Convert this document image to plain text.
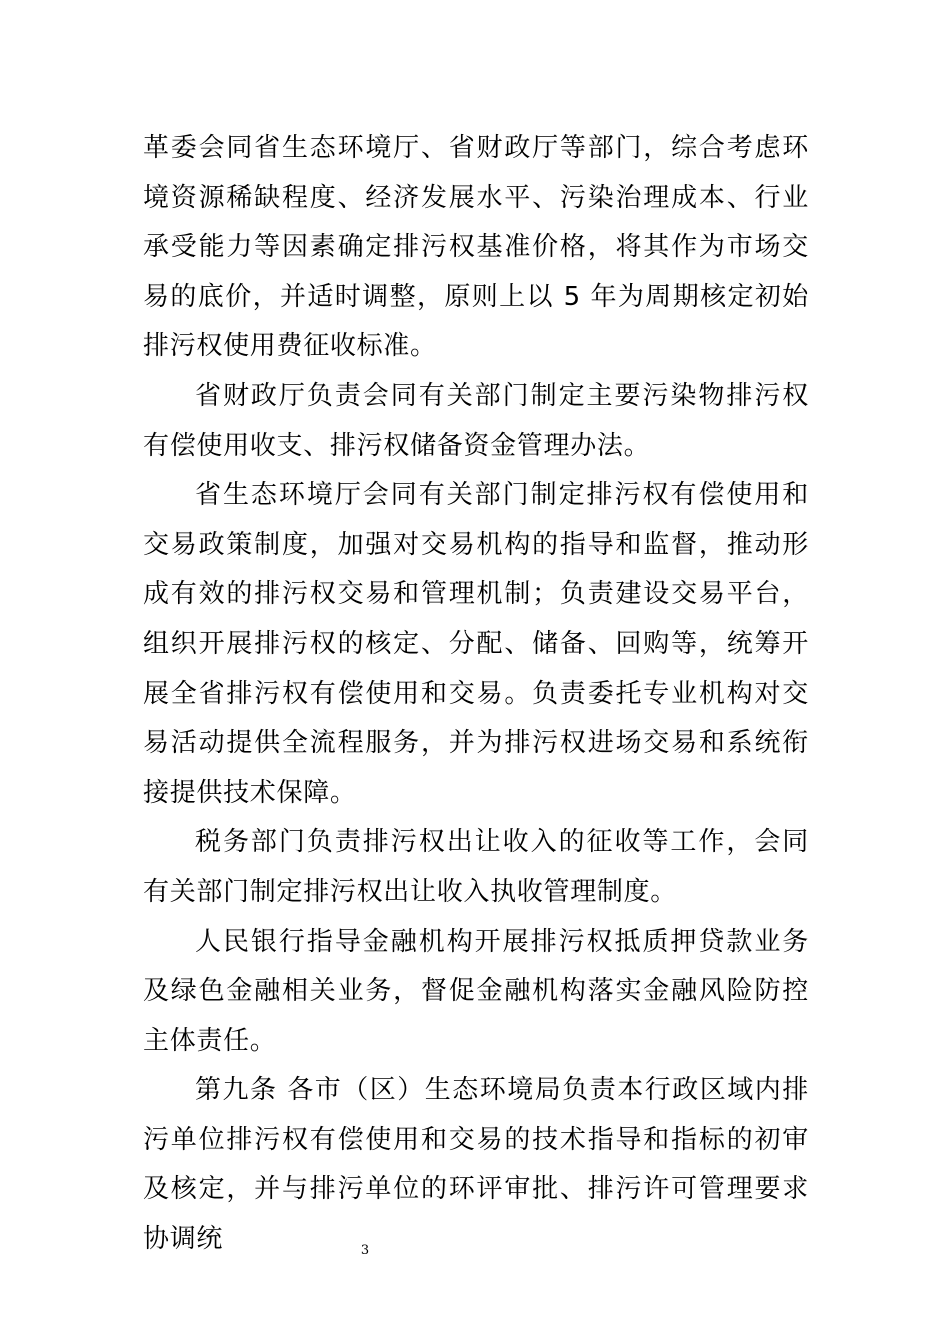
革委会同省生态环境厅、省财政厅等部门，综合考虑环境资源稀缺程度、经济发展水平、污染治理成本、行业承受能力等因素确定排污权基准价格，将其作为市场交易的底价，并适时调整，原则上以 5 年为周期核定初始排污权使用费征收标准。

省财政厅负责会同有关部门制定主要污染物排污权有偿使用收支、排污权储备资金管理办法。

省生态环境厅会同有关部门制定排污权有偿使用和交易政策制度，加强对交易机构的指导和监督，推动形成有效的排污权交易和管理机制；负责建设交易平台，组织开展排污权的核定、分配、储备、回购等，统筹开展全省排污权有偿使用和交易。负责委托专业机构对交易活动提供全流程服务，并为排污权进场交易和系统衔接提供技术保障。

税务部门负责排污权出让收入的征收等工作，会同有关部门制定排污权出让收入执收管理制度。

人民银行指导金融机构开展排污权抵质押贷款业务及绿色金融相关业务，督促金融机构落实金融风险防控主体责任。

第九条 各市（区）生态环境局负责本行政区域内排污单位排污权有偿使用和交易的技术指导和指标的初审及核定，并与排污单位的环评审批、排污许可管理要求协调统	3
